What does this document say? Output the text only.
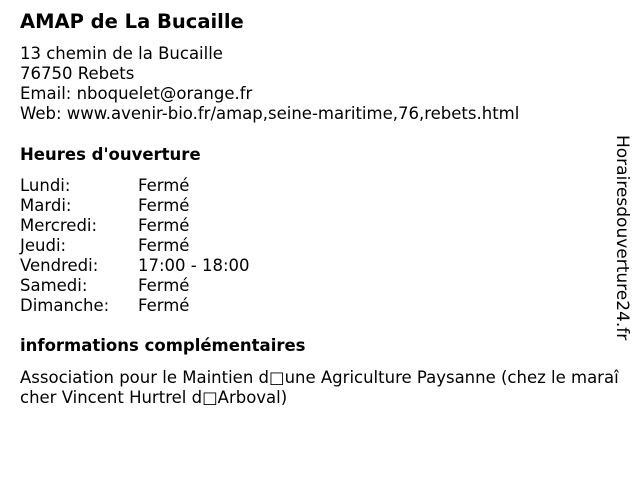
AMAP de La Bucaille
13 chemin de la Bucaille
76750 Rebets
Email: nboquelet@orange.fr
Web: www.avenir-bio.fr/amap,seine-maritime,76,rebets.html
Heures d'ouverture
Lundi:	Fermé
Mardi:	Fermé
Mercredi:	Fermé
Jeudi:	Fermé
Vendredi:	17:00 - 18:00
Samedi:	Fermé
Dimanche:	Fermé
informations complémentaires
Association pour le Maintien d□une Agriculture Paysanne (chez le maraîcher Vincent Hurtrel d□Arboval)
Horairesdouverture24.fr
